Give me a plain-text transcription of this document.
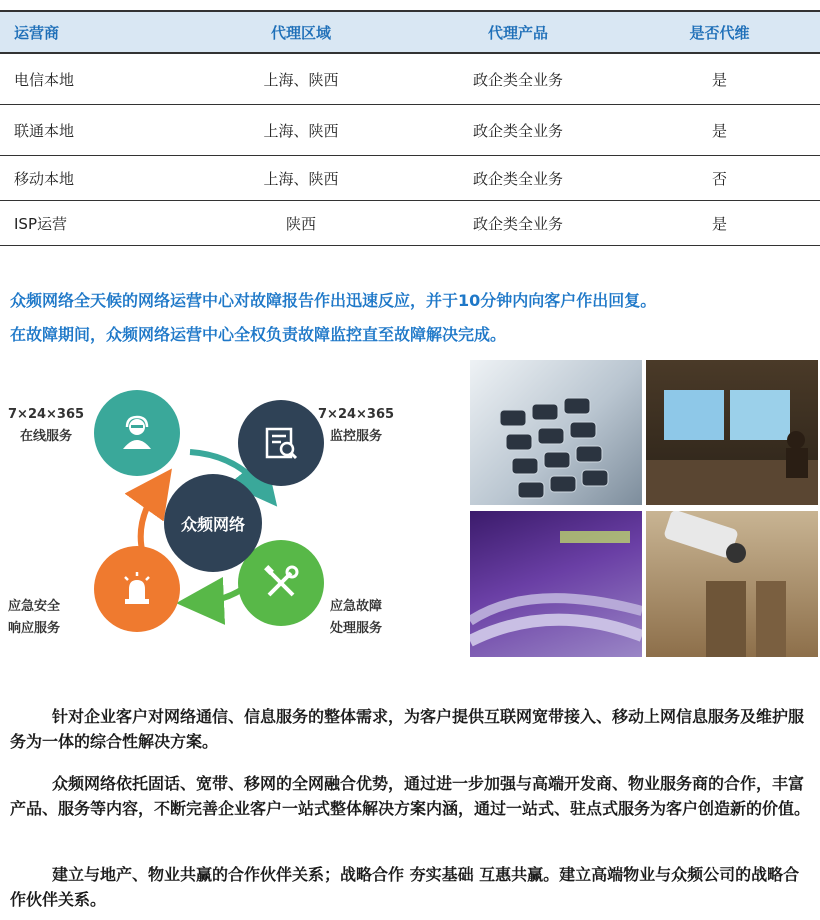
运营商	代理区域	代理产品	是否代维
电信本地	上海、陕西	政企类全业务	是
联通本地	上海、陕西	政企类全业务	是
移动本地	上海、陕西	政企类全业务	否
ISP运营	陕西	政企类全业务	是
众频网络全天候的网络运营中心对故障报告作出迅速反应，并于10分钟内向客户作出回复。
在故障期间，众频网络运营中心全权负责故障监控直至故障解决完成。
众频网络
7×24×365
在线服务
7×24×365
监控服务
应急安全
响应服务
应急故障
处理服务

针对企业客户对网络通信、信息服务的整体需求，为客户提供互联网宽带接入、移动上网信息服务及维护服务为一体的综合性解决方案。

众频网络依托固话、宽带、移网的全网融合优势，通过进一步加强与高端开发商、物业服务商的合作，丰富产品、服务等内容，不断完善企业客户一站式整体解决方案内涵，通过一站式、驻点式服务为客户创造新的价值。

建立与地产、物业共赢的合作伙伴关系；战略合作 夯实基础 互惠共赢。建立高端物业与众频公司的战略合作伙伴关系。
